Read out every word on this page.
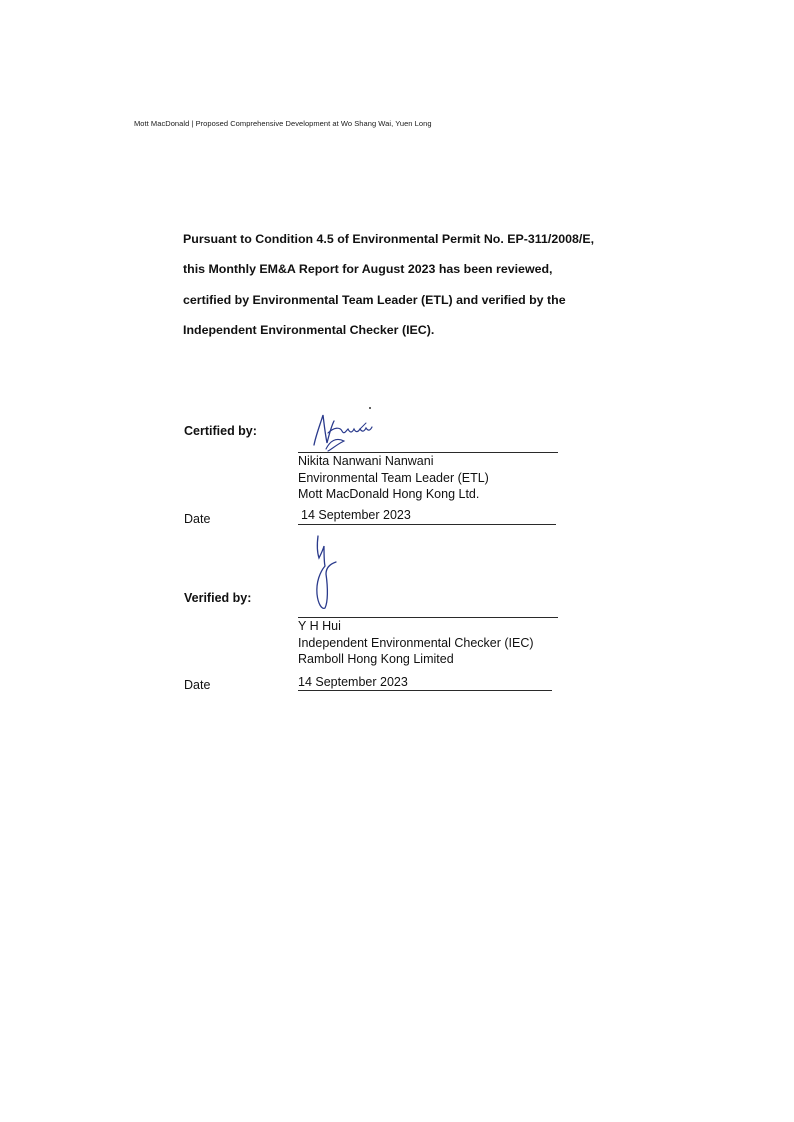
Mott MacDonald | Proposed Comprehensive Development at Wo Shang Wai, Yuen Long
Pursuant to Condition 4.5 of Environmental Permit No. EP-311/2008/E,
this Monthly EM&A Report for August 2023 has been reviewed,
certified by Environmental Team Leader (ETL) and verified by the
Independent Environmental Checker (IEC).
Certified by:
Nikita Nanwani Nanwani
Environmental Team Leader (ETL)
Mott MacDonald Hong Kong Ltd.
Date	14 September 2023
Verified by:
Y H Hui
Independent Environmental Checker (IEC)
Ramboll Hong Kong Limited
Date	14 September 2023
